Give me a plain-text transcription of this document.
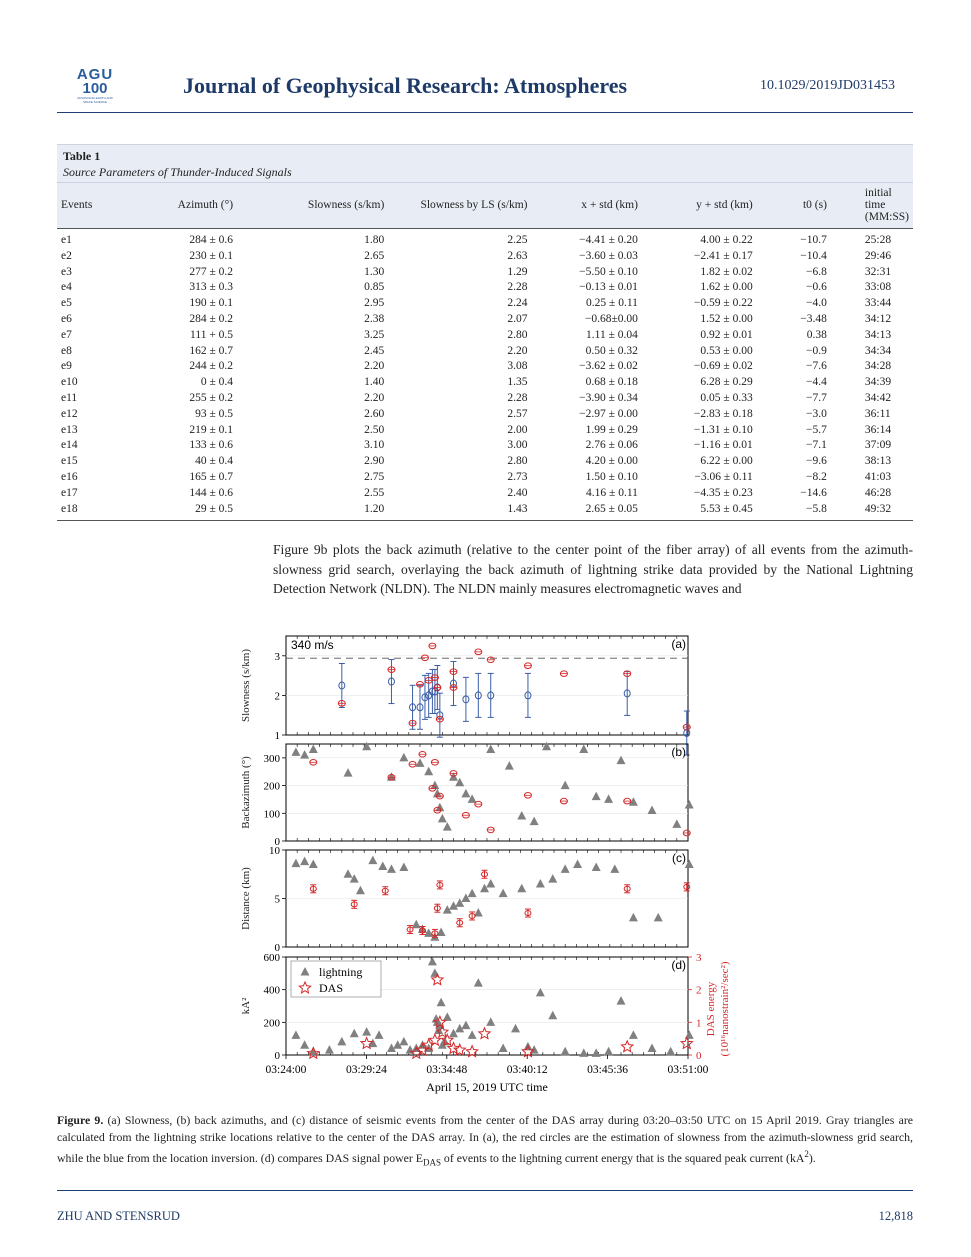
AGU
100
ADVANCING EARTH AND SPACE SCIENCE
Journal of Geophysical Research: Atmospheres	10.1029/2019JD031453
Table 1
Source Parameters of Thunder-Induced Signals
Events	Azimuth (°)	Slowness (s/km)	Slowness by LS (s/km)	x + std (km)	y + std (km)	t0 (s)	initial time (MM:SS)
e1	284 ± 0.6	1.80	2.25	−4.41 ± 0.20	4.00 ± 0.22	−10.7	25:28
e2	230 ± 0.1	2.65	2.63	−3.60 ± 0.03	−2.41 ± 0.17	−10.4	29:46
e3	277 ± 0.2	1.30	1.29	−5.50 ± 0.10	1.82 ± 0.02	−6.8	32:31
e4	313 ± 0.3	0.85	2.28	−0.13 ± 0.01	1.62 ± 0.00	−0.6	33:08
e5	190 ± 0.1	2.95	2.24	0.25 ± 0.11	−0.59 ± 0.22	−4.0	33:44
e6	284 ± 0.2	2.38	2.07	−0.68±0.00	1.52 ± 0.00	−3.48	34:12
e7	111 + 0.5	3.25	2.80	1.11 ± 0.04	0.92 ± 0.01	0.38	34:13
e8	162 ± 0.7	2.45	2.20	0.50 ± 0.32	0.53 ± 0.00	−0.9	34:34
e9	244 ± 0.2	2.20	3.08	−3.62 ± 0.02	−0.69 ± 0.02	−7.6	34:28
e10	0 ± 0.4	1.40	1.35	0.68 ± 0.18	6.28 ± 0.29	−4.4	34:39
e11	255 ± 0.2	2.20	2.28	−3.90 ± 0.34	0.05 ± 0.33	−7.7	34:42
e12	93 ± 0.5	2.60	2.57	−2.97 ± 0.00	−2.83 ± 0.18	−3.0	36:11
e13	219 ± 0.1	2.50	2.00	1.99 ± 0.29	−1.31 ± 0.10	−5.7	36:14
e14	133 ± 0.6	3.10	3.00	2.76 ± 0.06	−1.16 ± 0.01	−7.1	37:09
e15	40 ± 0.4	2.90	2.80	4.20 ± 0.00	6.22 ± 0.00	−9.6	38:13
e16	165 ± 0.7	2.75	2.73	1.50 ± 0.10	−3.06 ± 0.11	−8.2	41:03
e17	144 ± 0.6	2.55	2.40	4.16 ± 0.11	−4.35 ± 0.23	−14.6	46:28
e18	29 ± 0.5	1.20	1.43	2.65 ± 0.05	5.53 ± 0.45	−5.8	49:32
Figure 9b plots the back azimuth (relative to the center point of the fiber array) of all events from the azimuth-slowness grid search, overlaying the back azimuth of lightning strike data provided by the National Lightning Detection Network (NLDN). The NLDN mainly measures electromagnetic waves and
(a)
1
2
3
340 m/s
Slowness (s/km)
(b)
0
100
200
300
Backazimuth (°)
(c)
0
5
10
Distance (km)
(d)
0
200
400
600
0
1
2
3
lightning
DAS
kA²	DAS energy (10¹⁶nanostrain²/sec²)
03:24:00	03:29:24	03:34:48	03:40:12	03:45:36	03:51:00
April 15, 2019 UTC time
Figure 9. (a) Slowness, (b) back azimuths, and (c) distance of seismic events from the center of the DAS array during 03:20–03:50 UTC on 15 April 2019. Gray triangles are calculated from the lightning strike locations relative to the center of the DAS array. In (a), the red circles are the estimation of slowness from the azimuth-slowness grid search, while the blue from the location inversion. (d) compares DAS signal power $E_{DAS}$ of events to the lightning current energy that is the squared peak current $(kA^2)$.
ZHU AND STENSRUD	12,818
